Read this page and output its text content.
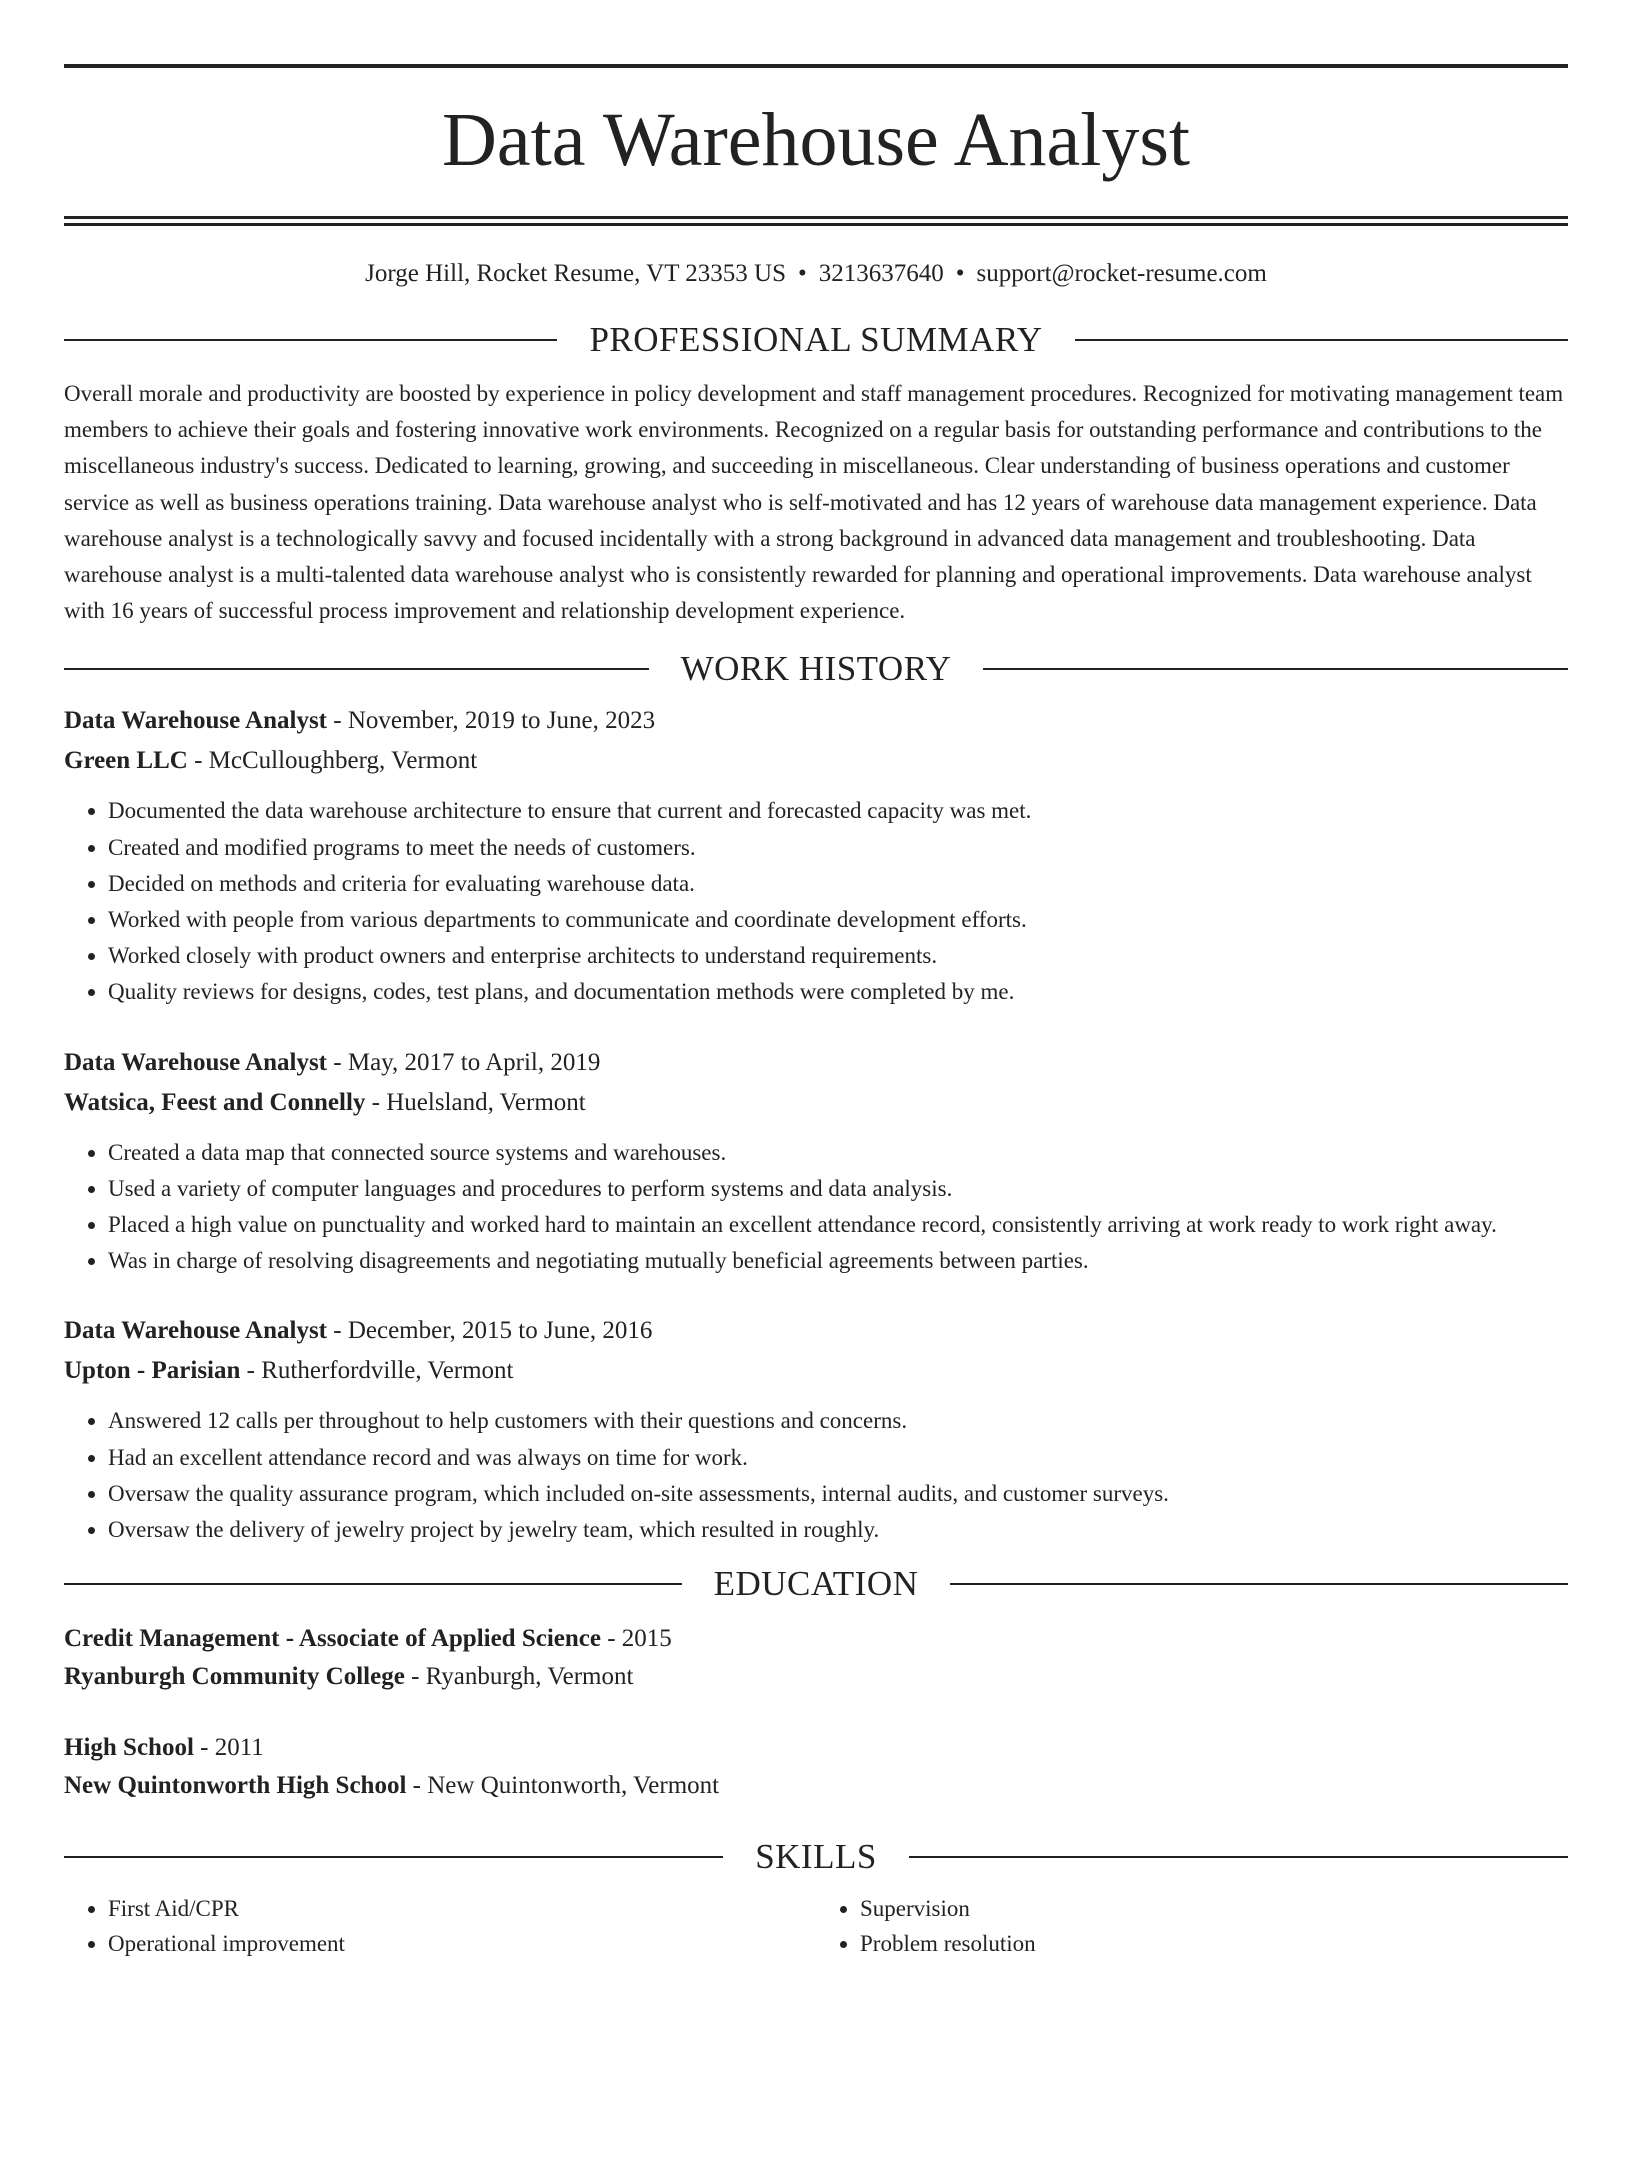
Data Warehouse Analyst
Jorge Hill, Rocket Resume, VT 23353 US • 3213637640 • support@rocket-resume.com
PROFESSIONAL SUMMARY

Overall morale and productivity are boosted by experience in policy development and staff management procedures. Recognized for motivating management team members to achieve their goals and fostering innovative work environments. Recognized on a regular basis for outstanding performance and contributions to the miscellaneous industry's success. Dedicated to learning, growing, and succeeding in miscellaneous. Clear understanding of business operations and customer service as well as business operations training. Data warehouse analyst who is self-motivated and has 12 years of warehouse data management experience. Data warehouse analyst is a technologically savvy and focused incidentally with a strong background in advanced data management and troubleshooting. Data warehouse analyst is a multi-talented data warehouse analyst who is consistently rewarded for planning and operational improvements. Data warehouse analyst with 16 years of successful process improvement and relationship development experience.

WORK HISTORY
Data Warehouse Analyst - November, 2019 to June, 2023
Green LLC - McCulloughberg, Vermont
• Documented the data warehouse architecture to ensure that current and forecasted capacity was met.
• Created and modified programs to meet the needs of customers.
• Decided on methods and criteria for evaluating warehouse data.
• Worked with people from various departments to communicate and coordinate development efforts.
• Worked closely with product owners and enterprise architects to understand requirements.
• Quality reviews for designs, codes, test plans, and documentation methods were completed by me.
Data Warehouse Analyst - May, 2017 to April, 2019
Watsica, Feest and Connelly - Huelsland, Vermont
• Created a data map that connected source systems and warehouses.
• Used a variety of computer languages and procedures to perform systems and data analysis.
• Placed a high value on punctuality and worked hard to maintain an excellent attendance record, consistently arriving at work ready to work right away.
• Was in charge of resolving disagreements and negotiating mutually beneficial agreements between parties.
Data Warehouse Analyst - December, 2015 to June, 2016
Upton - Parisian - Rutherfordville, Vermont
• Answered 12 calls per throughout to help customers with their questions and concerns.
• Had an excellent attendance record and was always on time for work.
• Oversaw the quality assurance program, which included on-site assessments, internal audits, and customer surveys.
• Oversaw the delivery of jewelry project by jewelry team, which resulted in roughly.
EDUCATION
Credit Management - Associate of Applied Science - 2015
Ryanburgh Community College - Ryanburgh, Vermont
High School - 2011
New Quintonworth High School - New Quintonworth, Vermont
SKILLS
• First Aid/CPR
• Operational improvement
• Supervision
• Problem resolution
